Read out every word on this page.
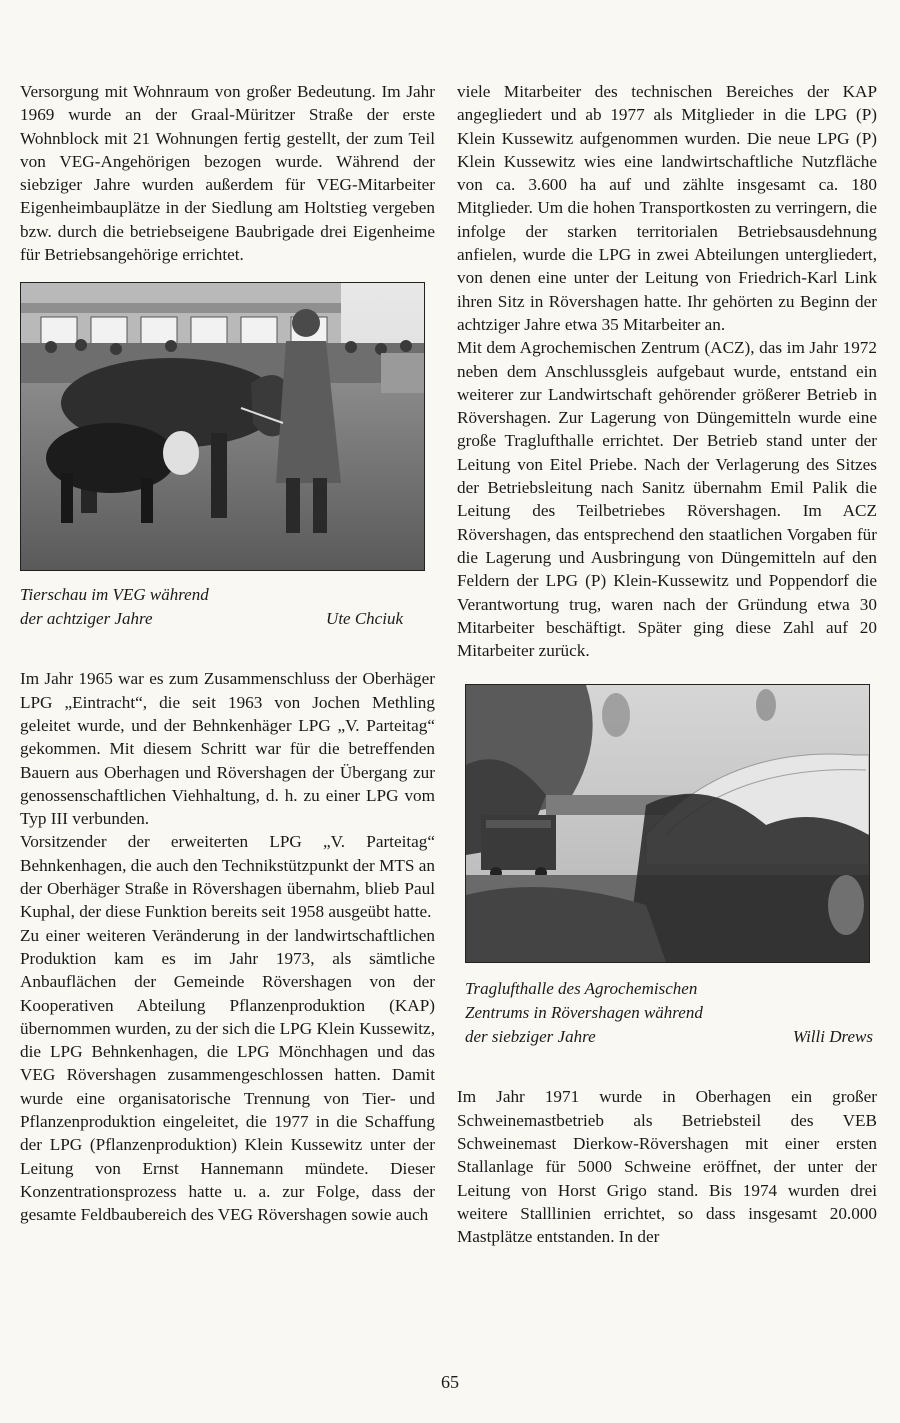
Versorgung mit Wohnraum von großer Bedeutung. Im Jahr 1969 wurde an der Graal-Müritzer Straße der erste Wohnblock mit 21 Wohnungen fertig gestellt, der zum Teil von VEG-Angehörigen bezogen wurde. Während der siebziger Jahre wurden außerdem für VEG-Mitarbeiter Eigenheimbauplätze in der Siedlung am Holtstieg vergeben bzw. durch die betriebseigene Baubrigade drei Eigenheime für Betriebsangehörige errichtet.

Tierschau im VEG während
der achtziger Jahre	Ute Chciuk

Im Jahr 1965 war es zum Zusammenschluss der Oberhäger LPG „Eintracht“, die seit 1963 von Jochen Methling geleitet wurde, und der Behnkenhäger LPG „V. Parteitag“ gekommen. Mit diesem Schritt war für die betreffenden Bauern aus Oberhagen und Rövershagen der Übergang zur genossenschaftlichen Viehhaltung, d. h. zu einer LPG vom Typ III verbunden.

Vorsitzender der erweiterten LPG „V. Parteitag“ Behnkenhagen, die auch den Technikstützpunkt der MTS an der Oberhäger Straße in Rövershagen übernahm, blieb Paul Kuphal, der diese Funktion bereits seit 1958 ausgeübt hatte.

Zu einer weiteren Veränderung in der landwirtschaftlichen Produktion kam es im Jahr 1973, als sämtliche Anbauflächen der Gemeinde Rövershagen von der Kooperativen Abteilung Pflanzenproduktion (KAP) übernommen wurden, zu der sich die LPG Klein Kussewitz, die LPG Behnkenhagen, die LPG Mönchhagen und das VEG Rövershagen zusammengeschlossen hatten. Damit wurde eine organisatorische Trennung von Tier- und Pflanzenproduktion eingeleitet, die 1977 in die Schaffung der LPG (Pflanzenproduktion) Klein Kussewitz unter der Leitung von Ernst Hannemann mündete. Dieser Konzentrationsprozess hatte u. a. zur Folge, dass der gesamte Feldbaubereich des VEG Rövershagen sowie auch

viele Mitarbeiter des technischen Bereiches der KAP angegliedert und ab 1977 als Mitglieder in die LPG (P) Klein Kussewitz aufgenommen wurden. Die neue LPG (P) Klein Kussewitz wies eine landwirtschaftliche Nutzfläche von ca. 3.600 ha auf und zählte insgesamt ca. 180 Mitglieder. Um die hohen Transportkosten zu verringern, die infolge der starken territorialen Betriebsausdehnung anfielen, wurde die LPG in zwei Abteilungen untergliedert, von denen eine unter der Leitung von Friedrich-Karl Link ihren Sitz in Rövershagen hatte. Ihr gehörten zu Beginn der achtziger Jahre etwa 35 Mitarbeiter an.

Mit dem Agrochemischen Zentrum (ACZ), das im Jahr 1972 neben dem Anschlussgleis aufgebaut wurde, entstand ein weiterer zur Landwirtschaft gehörender größerer Betrieb in Rövershagen. Zur Lagerung von Düngemitteln wurde eine große Traglufthalle errichtet. Der Betrieb stand unter der Leitung von Eitel Priebe. Nach der Verlagerung des Sitzes der Betriebsleitung nach Sanitz übernahm Emil Palik die Leitung des Teilbetriebes Rövershagen. Im ACZ Rövershagen, das entsprechend den staatlichen Vorgaben für die Lagerung und Ausbringung von Düngemitteln auf den Feldern der LPG (P) Klein-Kussewitz und Poppendorf die Verantwortung trug, waren nach der Gründung etwa 30 Mitarbeiter beschäftigt. Später ging diese Zahl auf 20 Mitarbeiter zurück.

Traglufthalle des Agrochemischen
Zentrums in Rövershagen während
der siebziger Jahre	Willi Drews

Im Jahr 1971 wurde in Oberhagen ein großer Schweinemastbetrieb als Betriebsteil des VEB Schweinemast Dierkow-Rövershagen mit einer ersten Stallanlage für 5000 Schweine eröffnet, der unter der Leitung von Horst Grigo stand. Bis 1974 wurden drei weitere Stalllinien errichtet, so dass insgesamt 20.000 Mastplätze entstanden. In der

65
